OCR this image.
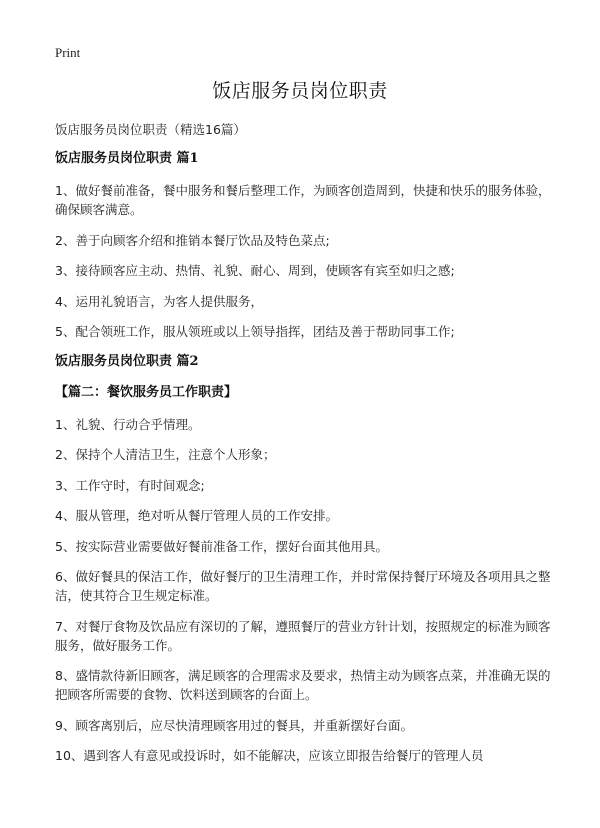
Print
饭店服务员岗位职责
饭店服务员岗位职责（精选16篇）
饭店服务员岗位职责 篇1
1、做好餐前准备，餐中服务和餐后整理工作，为顾客创造周到，快捷和快乐的服务体验，确保顾客满意。
2、善于向顾客介绍和推销本餐厅饮品及特色菜点;
3、接待顾客应主动、热情、礼貌、耐心、周到，使顾客有宾至如归之感;
4、运用礼貌语言，为客人提供服务，
5、配合领班工作，服从领班或以上领导指挥，团结及善于帮助同事工作;
饭店服务员岗位职责 篇2
【篇二：餐饮服务员工作职责】
1、礼貌、行动合乎情理。
2、保持个人清洁卫生，注意个人形象；
3、工作守时，有时间观念;
4、服从管理，绝对听从餐厅管理人员的工作安排。
5、按实际营业需要做好餐前准备工作，摆好台面其他用具。
6、做好餐具的保洁工作，做好餐厅的卫生清理工作，并时常保持餐厅环境及各项用具之整洁，使其符合卫生规定标准。
7、对餐厅食物及饮品应有深切的了解，遵照餐厅的营业方针计划，按照规定的标准为顾客服务，做好服务工作。
8、盛情款待新旧顾客，满足顾客的合理需求及要求，热情主动为顾客点菜，并准确无误的把顾客所需要的食物、饮料送到顾客的台面上。
9、顾客离别后，应尽快清理顾客用过的餐具，并重新摆好台面。
10、遇到客人有意见或投诉时，如不能解决，应该立即报告给餐厅的管理人员
